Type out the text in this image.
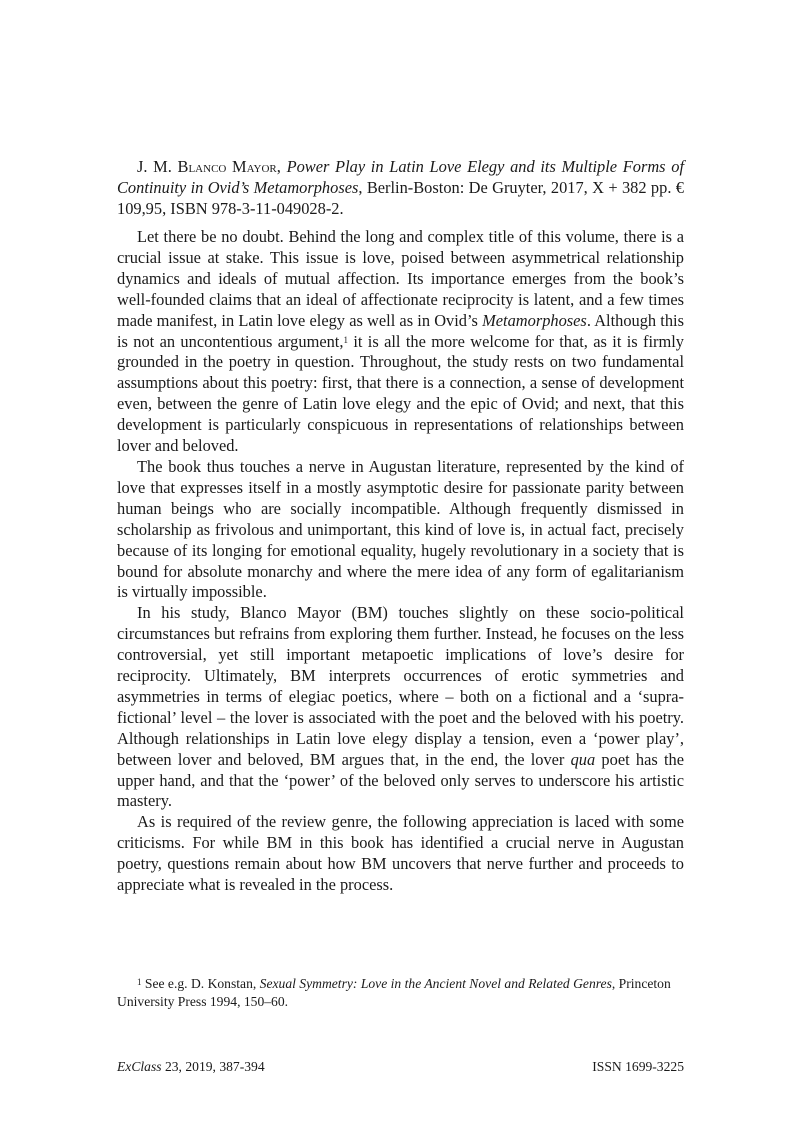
J. M. Blanco Mayor, Power Play in Latin Love Elegy and its Multiple Forms of Continuity in Ovid’s Metamorphoses, Berlin-Boston: De Gruyter, 2017, X + 382 pp. € 109,95, ISBN 978-3-11-049028-2.

Let there be no doubt. Behind the long and complex title of this volume, there is a crucial issue at stake. This issue is love, poised between asymmetrical relationship dynamics and ideals of mutual affection. Its importance emerges from the book’s well-founded claims that an ideal of affectionate reciprocity is latent, and a few times made manifest, in Latin love elegy as well as in Ovid’s Metamorphoses. Although this is not an uncontentious argument,$^1$ it is all the more welcome for that, as it is firmly grounded in the poetry in question. Throughout, the study rests on two fundamental assumptions about this poetry: first, that there is a connection, a sense of development even, between the genre of Latin love elegy and the epic of Ovid; and next, that this development is particularly conspicuous in representations of relationships between lover and beloved.

The book thus touches a nerve in Augustan literature, represented by the kind of love that expresses itself in a mostly asymptotic desire for passionate parity between human beings who are socially incompatible. Although frequently dismissed in scholarship as frivolous and unimportant, this kind of love is, in actual fact, precisely because of its longing for emotional equality, hugely revolutionary in a society that is bound for absolute monarchy and where the mere idea of any form of egalitarianism is virtually impossible.

In his study, Blanco Mayor (BM) touches slightly on these socio-political circumstances but refrains from exploring them further. Instead, he focuses on the less controversial, yet still important metapoetic implications of love’s desire for reciprocity. Ultimately, BM interprets occurrences of erotic symmetries and asymmetries in terms of elegiac poetics, where – both on a fictional and a ‘supra-fictional’ level – the lover is associated with the poet and the beloved with his poetry. Although relationships in Latin love elegy display a tension, even a ‘power play’, between lover and beloved, BM argues that, in the end, the lover qua poet has the upper hand, and that the ‘power’ of the beloved only serves to underscore his artistic mastery.

As is required of the review genre, the following appreciation is laced with some criticisms. For while BM in this book has identified a crucial nerve in Augustan poetry, questions remain about how BM uncovers that nerve further and proceeds to appreciate what is revealed in the process.

$^1$ See e.g. D. Konstan, Sexual Symmetry: Love in the Ancient Novel and Related Genres, Princeton University Press 1994, 150–60.
ExClass 23, 2019, 387-394	ISSN 1699-3225
